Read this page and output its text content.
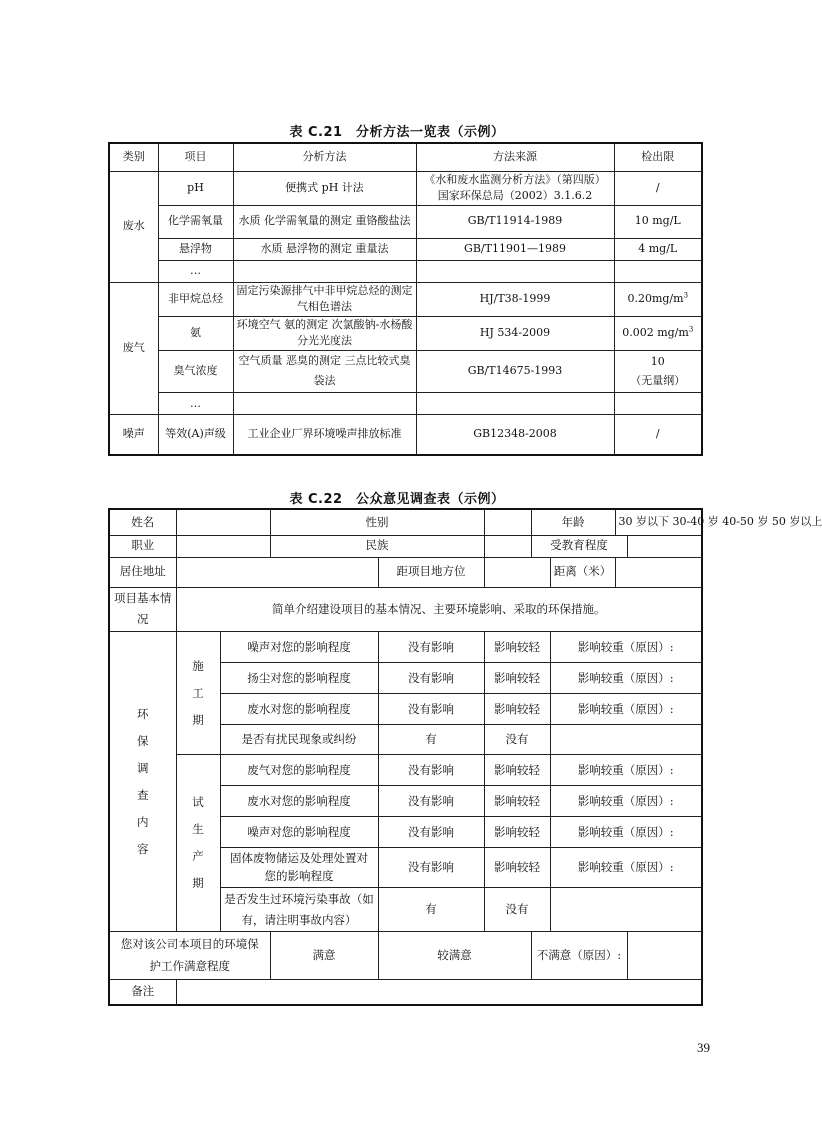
表 C.21　分析方法一览表（示例）
类别	项目	分析方法	方法来源	检出限
废水	pH	便携式 pH 计法	《水和废水监测分析方法》（第四版）国家环保总局（2002）3.1.6.2	/
	化学需氧量	水质 化学需氧量的测定 重铬酸盐法	GB/T11914-1989	10 mg/L
	悬浮物	水质 悬浮物的测定 重量法	GB/T11901—1989	4 mg/L
	…			
废气	非甲烷总烃	固定污染源排气中非甲烷总烃的测定 气相色谱法	HJ/T38-1999	$0.20mg/m^3$
	氨	环境空气 氨的测定 次氯酸钠-水杨酸分光光度法	HJ 534-2009	0.002 $mg/m^3$
	臭气浓度	空气质量 恶臭的测定 三点比较式臭袋法	GB/T14675-1993	10
（无量纲）

	…			
噪声	等效(A)声级	工业企业厂界环境噪声排放标准	GB12348-2008	/
表 C.22　公众意见调查表（示例）
姓名			性别			年龄		30 岁以下 30-40 岁 40-50 岁 50 岁以上	
职业			民族			受教育程度			
居住地址				距项目地方位			距离（米）		
项目基本情况	简单介绍建设项目的基本情况、主要环境影响、采取的环保措施。								
环保调查内容	施工期	噪声对您的影响程度		没有影响	影响较轻		影响较重（原因）:		
		扬尘对您的影响程度		没有影响	影响较轻		影响较重（原因）:		
		废水对您的影响程度		没有影响	影响较轻		影响较重（原因）:		
		是否有扰民现象或纠纷		有	没有				
	试生产期	废气对您的影响程度		没有影响	影响较轻		影响较重（原因）:		
		废水对您的影响程度		没有影响	影响较轻		影响较重（原因）:		
		噪声对您的影响程度		没有影响	影响较轻		影响较重（原因）:		
		固体废物储运及处理处置对您的影响程度		没有影响	影响较轻		影响较重（原因）:		
		是否发生过环境污染事故（如有，请注明事故内容）		有	没有				
您对该公司本项目的环境保护工作满意程度			满意	较满意		不满意（原因）:			
备注									
39
